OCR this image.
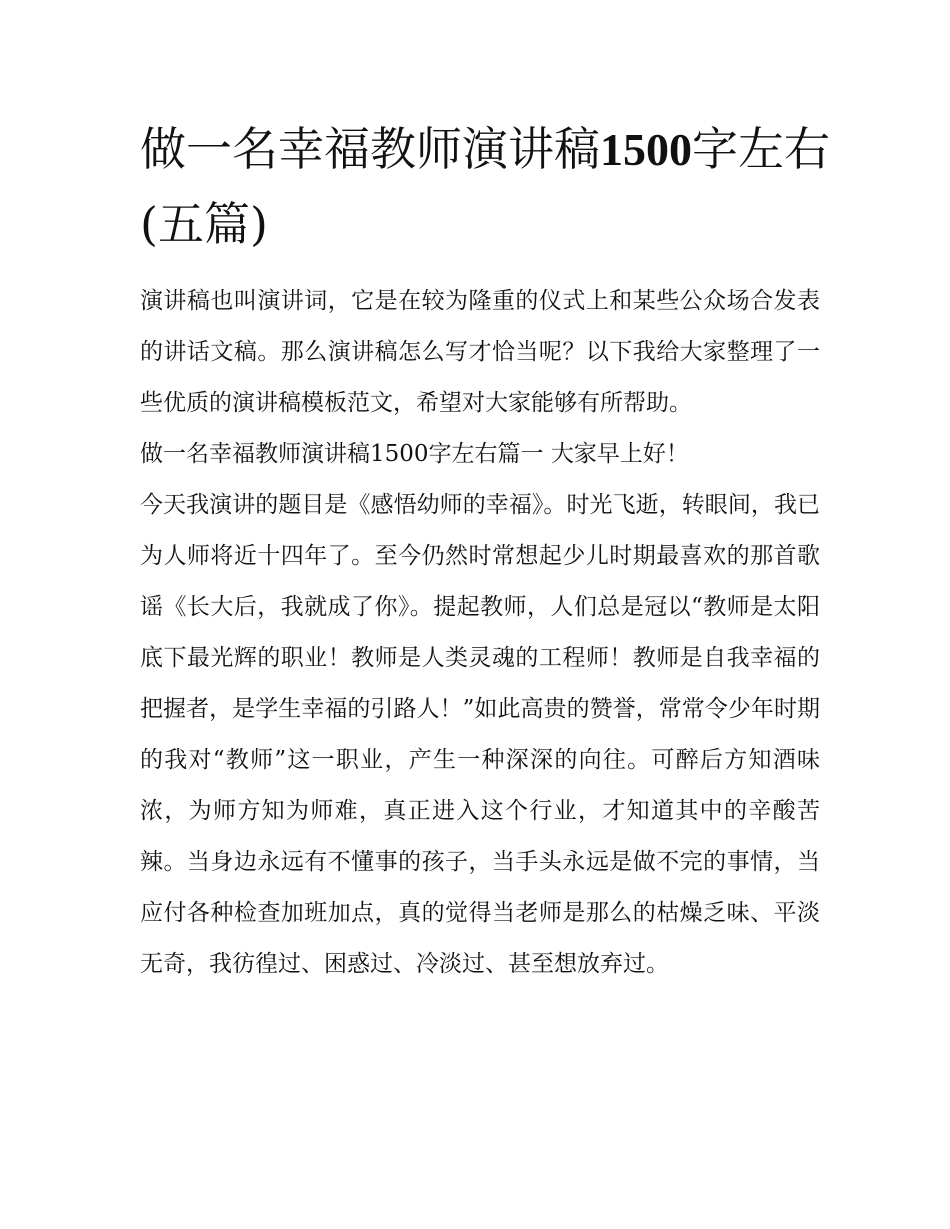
做一名幸福教师演讲稿1500字左右(五篇)

演讲稿也叫演讲词，它是在较为隆重的仪式上和某些公众场合发表的讲话文稿。那么演讲稿怎么写才恰当呢？以下我给大家整理了一些优质的演讲稿模板范文，希望对大家能够有所帮助。

做一名幸福教师演讲稿1500字左右篇一 大家早上好！

今天我演讲的题目是《感悟幼师的幸福》。时光飞逝，转眼间，我已为人师将近十四年了。至今仍然时常想起少儿时期最喜欢的那首歌谣《长大后，我就成了你》。提起教师，人们总是冠以“教师是太阳底下最光辉的职业！教师是人类灵魂的工程师！教师是自我幸福的把握者，是学生幸福的引路人！”如此高贵的赞誉，常常令少年时期的我对“教师”这一职业，产生一种深深的向往。可醉后方知酒味浓，为师方知为师难，真正进入这个行业，才知道其中的辛酸苦辣。当身边永远有不懂事的孩子，当手头永远是做不完的事情，当应付各种检查加班加点，真的觉得当老师是那么的枯燥乏味、平淡无奇，我彷徨过、困惑过、冷淡过、甚至想放弃过。
